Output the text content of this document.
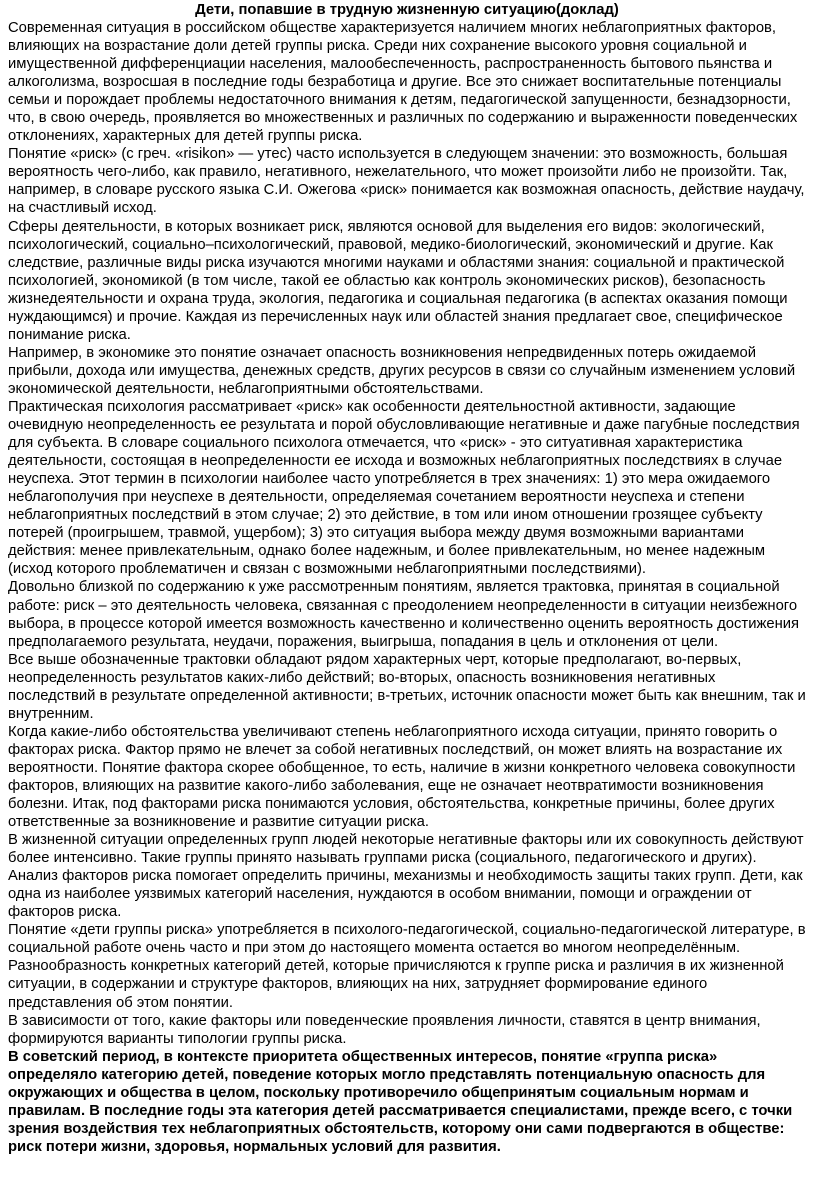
Дети, попавшие в трудную жизненную ситуацию(доклад)

Современная ситуация в российском обществе характеризуется наличием многих неблагоприятных факторов, влияющих на возрастание доли детей группы риска. Среди них сохранение высокого уровня социальной и имущественной дифференциации населения, малообеспеченность, распространенность бытового пьянства и алкоголизма, возросшая в последние годы безработица и другие. Все это снижает воспитательные потенциалы семьи и порождает проблемы недостаточного внимания к детям, педагогической запущенности, безнадзорности, что, в свою очередь, проявляется во множественных и различных по содержанию и выраженности поведенческих отклонениях, характерных для детей группы риска.

Понятие «риск» (с греч. «risikon» — утес) часто используется в следующем значении: это возможность, большая вероятность чего-либо, как правило, негативного, нежелательного, что может произойти либо не произойти. Так, например, в словаре русского языка С.И. Ожегова «риск» понимается как возможная опасность, действие наудачу, на счастливый исход.

Сферы деятельности, в которых возникает риск, являются основой для выделения его видов: экологический, психологический, социально–психологический, правовой, медико-биологический, экономический и другие. Как следствие, различные виды риска изучаются многими науками и областями знания: социальной и практической психологией, экономикой (в том числе, такой ее областью как контроль экономических рисков), безопасность жизнедеятельности и охрана труда, экология, педагогика и социальная педагогика (в аспектах оказания помощи нуждающимся) и прочие. Каждая из перечисленных наук или областей знания предлагает свое, специфическое понимание риска.

Например, в экономике это понятие означает опасность возникновения непредвиденных потерь ожидаемой прибыли, дохода или имущества, денежных средств, других ресурсов в связи со случайным изменением условий экономической деятельности, неблагоприятными обстоятельствами.

Практическая психология рассматривает «риск» как особенности деятельностной активности, задающие очевидную неопределенность ее результата и порой обусловливающие негативные и даже пагубные последствия для субъекта. В словаре социального психолога отмечается, что «риск» - это ситуативная характеристика деятельности, состоящая в неопределенности ее исхода и возможных неблагоприятных последствиях в случае неуспеха. Этот термин в психологии наиболее часто употребляется в трех значениях: 1) это мера ожидаемого неблагополучия при неуспехе в деятельности, определяемая сочетанием вероятности неуспеха и степени неблагоприятных последствий в этом случае; 2) это действие, в том или ином отношении грозящее субъекту потерей (проигрышем, травмой, ущербом); 3) это ситуация выбора между двумя возможными вариантами действия: менее привлекательным, однако более надежным, и более привлекательным, но менее надежным (исход которого проблематичен и связан с возможными неблагоприятными последствиями).

Довольно близкой по содержанию к уже рассмотренным понятиям, является трактовка, принятая в социальной работе: риск – это деятельность человека, связанная с преодолением неопределенности в ситуации неизбежного выбора, в процессе которой имеется возможность качественно и количественно оценить вероятность достижения предполагаемого результата, неудачи, поражения, выигрыша, попадания в цель и отклонения от цели.

Все выше обозначенные трактовки обладают рядом характерных черт, которые предполагают, во-первых, неопределенность результатов каких-либо действий; во-вторых, опасность возникновения негативных последствий в результате определенной активности; в-третьих, источник опасности может быть как внешним, так и внутренним.

Когда какие-либо обстоятельства увеличивают степень неблагоприятного исхода ситуации, принято говорить о факторах риска. Фактор прямо не влечет за собой негативных последствий, он может влиять на возрастание их вероятности. Понятие фактора скорее обобщенное, то есть, наличие в жизни конкретного человека совокупности факторов, влияющих на развитие какого-либо заболевания, еще не означает неотвратимости возникновения болезни. Итак, под факторами риска понимаются условия, обстоятельства, конкретные причины, более других ответственные за возникновение и развитие ситуации риска.

В жизненной ситуации определенных групп людей некоторые негативные факторы или их совокупность действуют более интенсивно. Такие группы принято называть группами риска (социального, педагогического и других). Анализ факторов риска помогает определить причины, механизмы и необходимость защиты таких групп. Дети, как одна из наиболее уязвимых категорий населения, нуждаются в особом внимании, помощи и ограждении от факторов риска.

Понятие «дети группы риска» употребляется в психолого-педагогической, социально-педагогической литературе, в социальной работе очень часто и при этом до настоящего момента остается во многом неопределённым. Разнообразность конкретных категорий детей, которые причисляются к группе риска и различия в их жизненной ситуации, в содержании и структуре факторов, влияющих на них, затрудняет формирование единого представления об этом понятии.

В зависимости от того, какие факторы или поведенческие проявления личности, ставятся в центр внимания, формируются варианты типологии группы риска.

В советский период, в контексте приоритета общественных интересов, понятие «группа риска» определяло категорию детей, поведение которых могло представлять потенциальную опасность для окружающих и общества в целом, поскольку противоречило общепринятым социальным нормам и правилам. В последние годы эта категория детей рассматривается специалистами, прежде всего, с точки зрения воздействия тех неблагоприятных обстоятельств, которому они сами подвергаются в обществе: риск потери жизни, здоровья, нормальных условий для развития.
